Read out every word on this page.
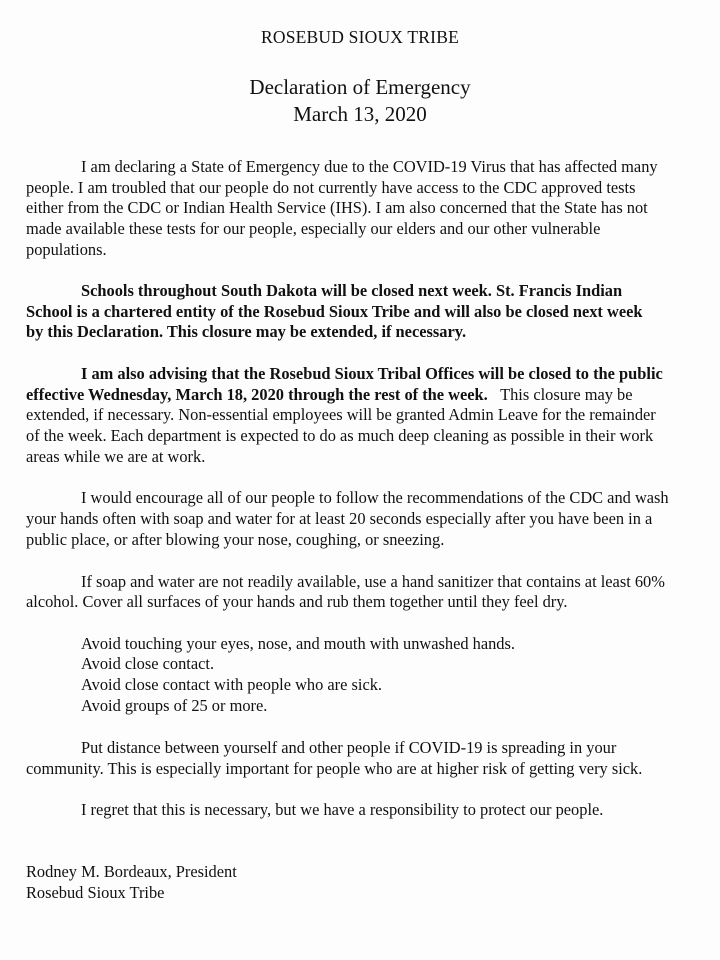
ROSEBUD SIOUX TRIBE
Declaration of Emergency
March 13, 2020
I am declaring a State of Emergency due to the COVID-19 Virus that has affected many
people. I am troubled that our people do not currently have access to the CDC approved tests
either from the CDC or Indian Health Service (IHS). I am also concerned that the State has not
made available these tests for our people, especially our elders and our other vulnerable
populations.
Schools throughout South Dakota will be closed next week. St. Francis Indian
School is a chartered entity of the Rosebud Sioux Tribe and will also be closed next week
by this Declaration. This closure may be extended, if necessary.
I am also advising that the Rosebud Sioux Tribal Offices will be closed to the public
effective Wednesday, March 18, 2020 through the rest of the week. This closure may be
extended, if necessary. Non-essential employees will be granted Admin Leave for the remainder
of the week. Each department is expected to do as much deep cleaning as possible in their work
areas while we are at work.
I would encourage all of our people to follow the recommendations of the CDC and wash
your hands often with soap and water for at least 20 seconds especially after you have been in a
public place, or after blowing your nose, coughing, or sneezing.
If soap and water are not readily available, use a hand sanitizer that contains at least 60%
alcohol. Cover all surfaces of your hands and rub them together until they feel dry.
Avoid touching your eyes, nose, and mouth with unwashed hands.
Avoid close contact.
Avoid close contact with people who are sick.
Avoid groups of 25 or more.
Put distance between yourself and other people if COVID-19 is spreading in your
community. This is especially important for people who are at higher risk of getting very sick.
I regret that this is necessary, but we have a responsibility to protect our people.
Rodney M. Bordeaux, President
Rosebud Sioux Tribe
